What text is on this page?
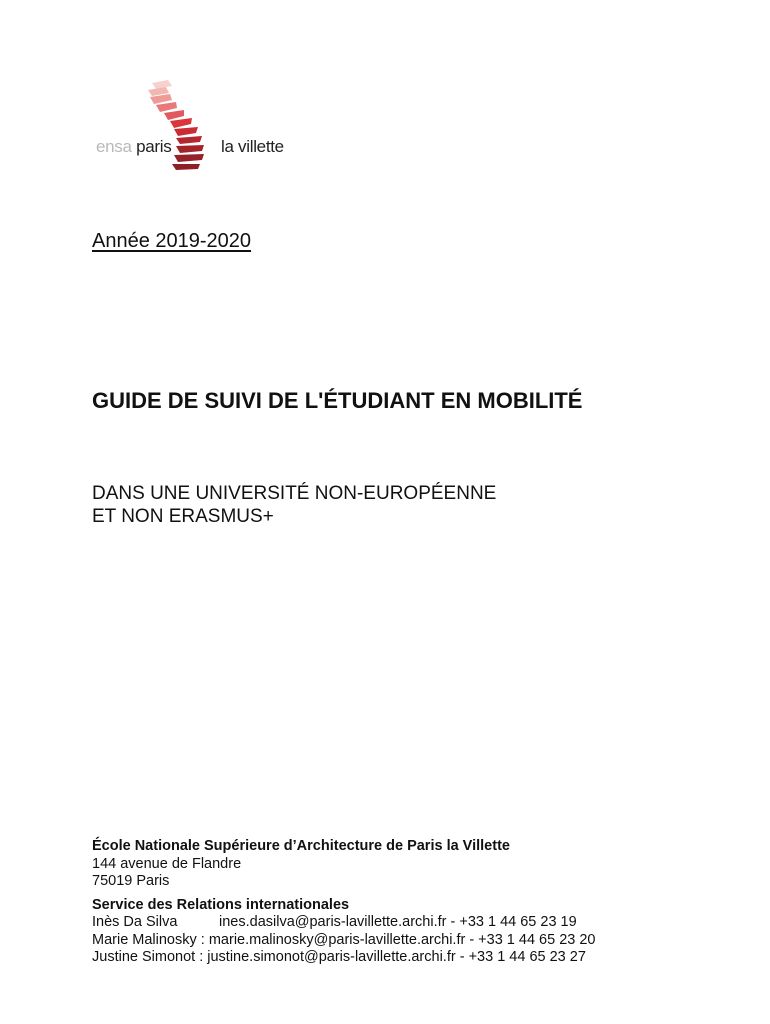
ensa paris	la villette
Année 2019-2020
GUIDE DE SUIVI DE L'ÉTUDIANT EN MOBILITÉ
DANS UNE UNIVERSITÉ NON-EUROPÉENNE
ET NON ERASMUS+
École Nationale Supérieure d’Architecture de Paris la Villette
144 avenue de Flandre
75019 Paris
Service des Relations internationales
Inès Da Silva	ines.dasilva@paris-lavillette.archi.fr - +33 1 44 65 23 19
Marie Malinosky :
marie.malinosky@paris-lavillette.archi.fr - +33 1 44 65 23 20
Justine Simonot :
justine.simonot@paris-lavillette.archi.fr - +33 1 44 65 23 27
